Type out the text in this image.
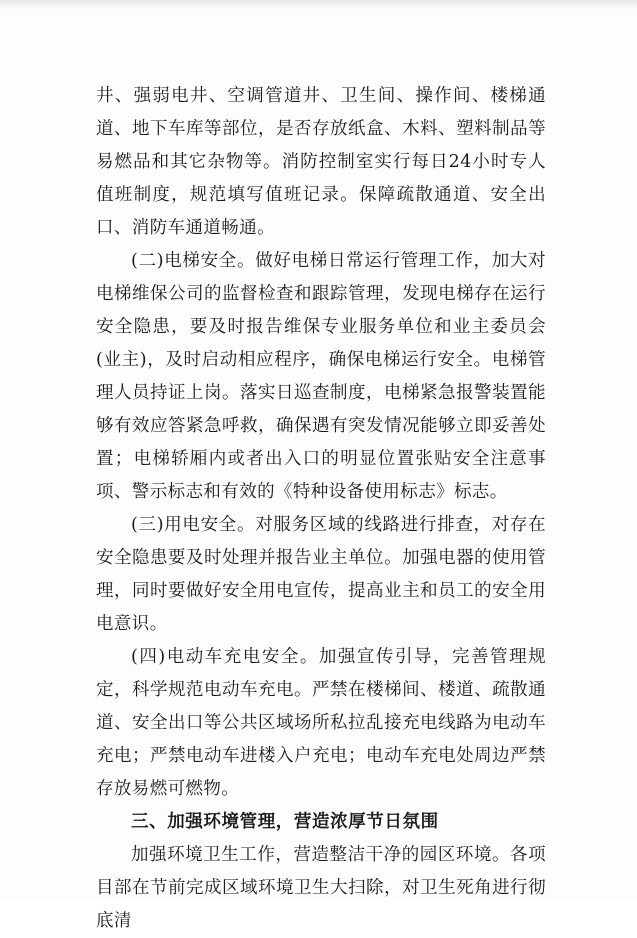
井、强弱电井、空调管道井、卫生间、操作间、楼梯通道、地下车库等部位，是否存放纸盒、木料、塑料制品等易燃品和其它杂物等。消防控制室实行每日24小时专人值班制度，规范填写值班记录。保障疏散通道、安全出口、消防车通道畅通。

(二)电梯安全。做好电梯日常运行管理工作，加大对电梯维保公司的监督检查和跟踪管理，发现电梯存在运行安全隐患，要及时报告维保专业服务单位和业主委员会(业主)，及时启动相应程序，确保电梯运行安全。电梯管理人员持证上岗。落实日巡查制度，电梯紧急报警装置能够有效应答紧急呼救，确保遇有突发情况能够立即妥善处置；电梯轿厢内或者出入口的明显位置张贴安全注意事项、警示标志和有效的《特种设备使用标志》标志。

(三)用电安全。对服务区域的线路进行排查，对存在安全隐患要及时处理并报告业主单位。加强电器的使用管理，同时要做好安全用电宣传，提高业主和员工的安全用电意识。

(四)电动车充电安全。加强宣传引导，完善管理规定，科学规范电动车充电。严禁在楼梯间、楼道、疏散通道、安全出口等公共区域场所私拉乱接充电线路为电动车充电；严禁电动车进楼入户充电；电动车充电处周边严禁存放易燃可燃物。

三、加强环境管理，营造浓厚节日氛围

加强环境卫生工作，营造整洁干净的园区环境。各项目部在节前完成区域环境卫生大扫除，对卫生死角进行彻底清
